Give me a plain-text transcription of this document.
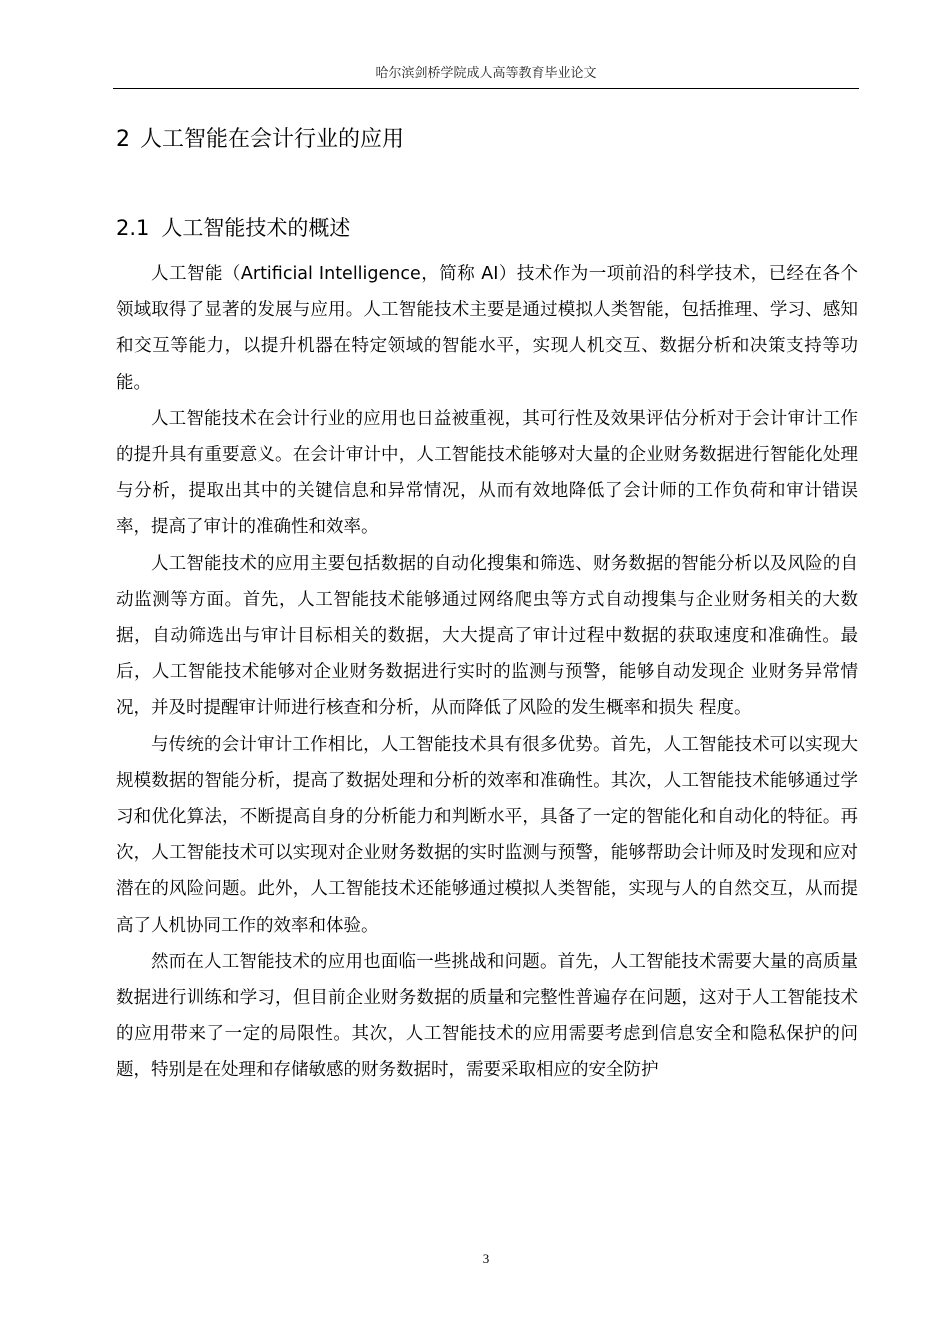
哈尔滨剑桥学院成人高等教育毕业论文
2 人工智能在会计行业的应用
2.1 人工智能技术的概述

人工智能（Artificial Intelligence，简称 AI）技术作为一项前沿的科学技术，已经在各个领域取得了显著的发展与应用。人工智能技术主要是通过模拟人类智能，包括推理、学习、感知和交互等能力，以提升机器在特定领域的智能水平，实现人机交互、数据分析和决策支持等功能。

人工智能技术在会计行业的应用也日益被重视，其可行性及效果评估分析对于会计审计工作的提升具有重要意义。在会计审计中，人工智能技术能够对大量的企业财务数据进行智能化处理与分析，提取出其中的关键信息和异常情况，从而有效地降低了会计师的工作负荷和审计错误率，提高了审计的准确性和效率。

人工智能技术的应用主要包括数据的自动化搜集和筛选、财务数据的智能分析以及风险的自动监测等方面。首先，人工智能技术能够通过网络爬虫等方式自动搜集与企业财务相关的大数据，自动筛选出与审计目标相关的数据，大大提高了审计过程中数据的获取速度和准确性。最后，人工智能技术能够对企业财务数据进行实时的监测与预警，能够自动发现企 业财务异常情况，并及时提醒审计师进行核查和分析，从而降低了风险的发生概率和损失 程度。

与传统的会计审计工作相比，人工智能技术具有很多优势。首先，人工智能技术可以实现大规模数据的智能分析，提高了数据处理和分析的效率和准确性。其次，人工智能技术能够通过学习和优化算法，不断提高自身的分析能力和判断水平，具备了一定的智能化和自动化的特征。再次，人工智能技术可以实现对企业财务数据的实时监测与预警，能够帮助会计师及时发现和应对潜在的风险问题。此外，人工智能技术还能够通过模拟人类智能，实现与人的自然交互，从而提高了人机协同工作的效率和体验。

然而在人工智能技术的应用也面临一些挑战和问题。首先，人工智能技术需要大量的高质量数据进行训练和学习，但目前企业财务数据的质量和完整性普遍存在问题，这对于人工智能技术的应用带来了一定的局限性。其次，人工智能技术的应用需要考虑到信息安全和隐私保护的问题，特别是在处理和存储敏感的财务数据时，需要采取相应的安全防护

3
